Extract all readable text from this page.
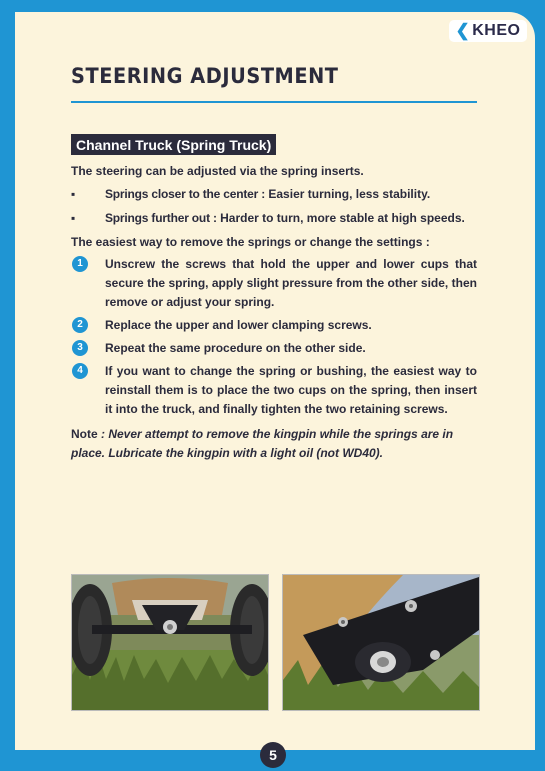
❮ KHEO
STEERING ADJUSTMENT
Channel Truck (Spring Truck)

The steering can be adjusted via the spring inserts.

▪	Springs closer to the center : Easier turning, less stability.
▪	Springs further out : Harder to turn, more stable at high speeds.

The easiest way to remove the springs or change the settings :

1	Unscrew the screws that hold the upper and lower cups that secure the spring, apply slight pressure from the other side, then remove or adjust your spring.
2	Replace the upper and lower clamping screws.
3	Repeat the same procedure on the other side.
4	If you want to change the spring or bushing, the easiest way to reinstall them is to place the two cups on the spring, then insert it into the truck, and finally tighten the two retaining screws.

Note : Never attempt to remove the kingpin while the springs are in place. Lubricate the kingpin with a light oil (not WD40).

5
